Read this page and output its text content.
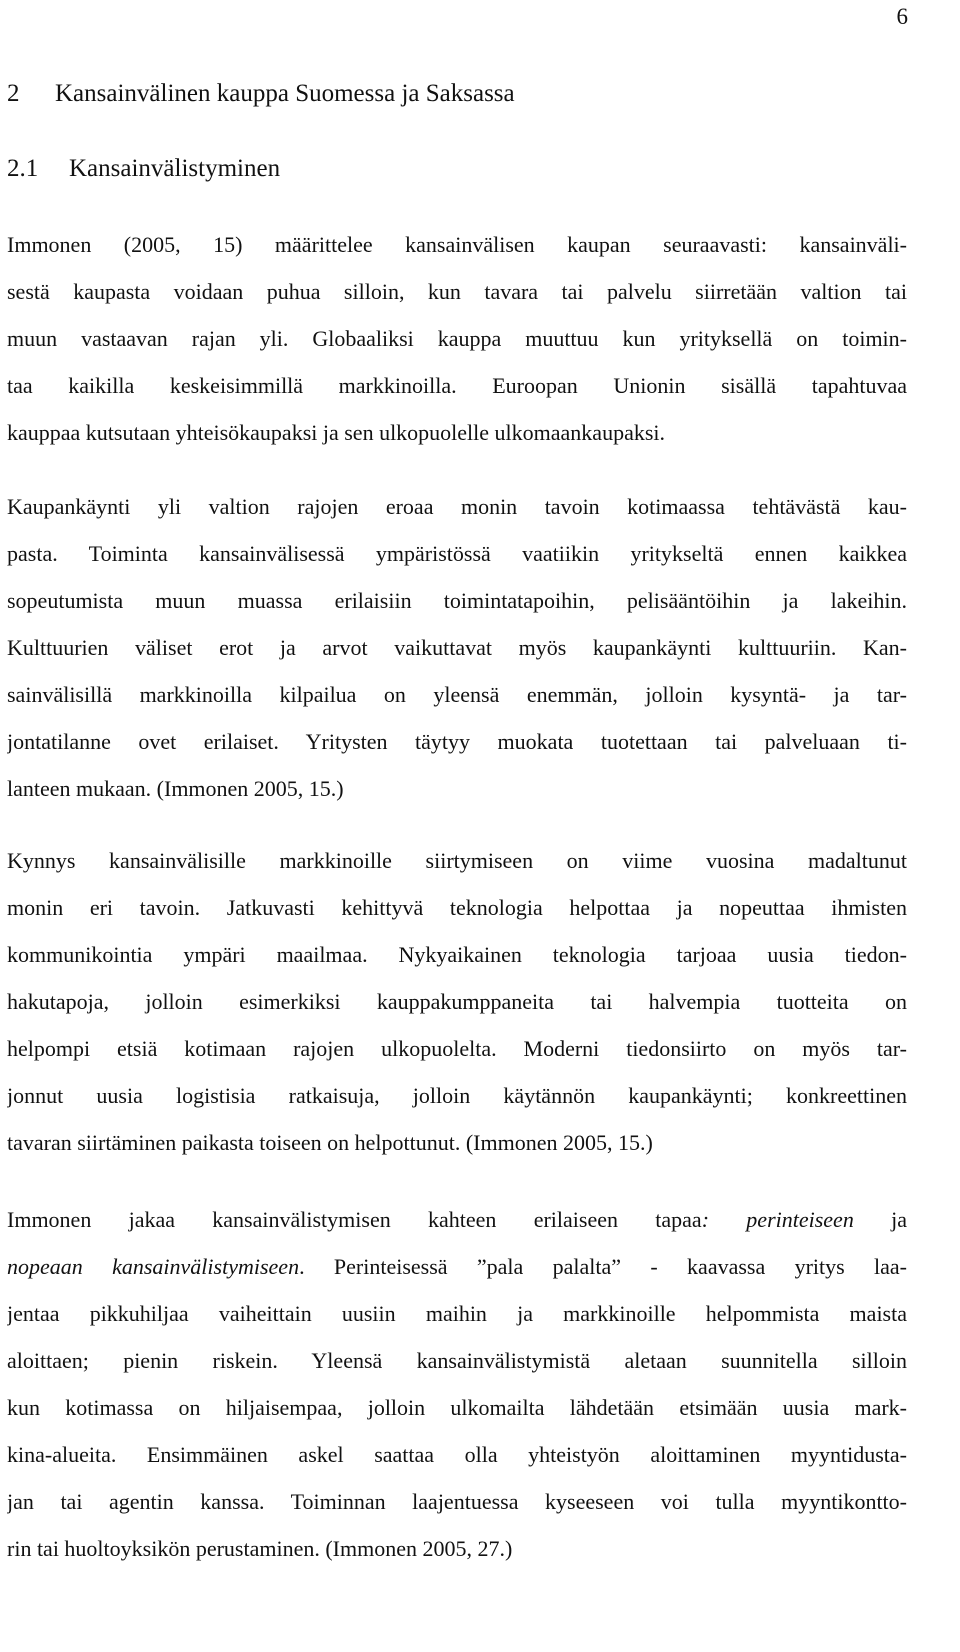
6
2 Kansainvälinen kauppa Suomessa ja Saksassa
2.1 Kansainvälistyminen
Immonen (2005, 15) määrittelee kansainvälisen kaupan seuraavasti: kansainväli-
sestä kaupasta voidaan puhua silloin, kun tavara tai palvelu siirretään valtion tai
muun vastaavan rajan yli. Globaaliksi kauppa muuttuu kun yrityksellä on toimin-
taa kaikilla keskeisimmillä markkinoilla. Euroopan Unionin sisällä tapahtuvaa
kauppaa kutsutaan yhteisökaupaksi ja sen ulkopuolelle ulkomaankaupaksi.
Kaupankäynti yli valtion rajojen eroaa monin tavoin kotimaassa tehtävästä kau-
pasta. Toiminta kansainvälisessä ympäristössä vaatiikin yritykseltä ennen kaikkea
sopeutumista muun muassa erilaisiin toimintatapoihin, pelisääntöihin ja lakeihin.
Kulttuurien väliset erot ja arvot vaikuttavat myös kaupankäynti kulttuuriin. Kan-
sainvälisillä markkinoilla kilpailua on yleensä enemmän, jolloin kysyntä- ja tar-
jontatilanne ovet erilaiset. Yritysten täytyy muokata tuotettaan tai palveluaan ti-
lanteen mukaan. (Immonen 2005, 15.)
Kynnys kansainvälisille markkinoille siirtymiseen on viime vuosina madaltunut
monin eri tavoin. Jatkuvasti kehittyvä teknologia helpottaa ja nopeuttaa ihmisten
kommunikointia ympäri maailmaa. Nykyaikainen teknologia tarjoaa uusia tiedon-
hakutapoja, jolloin esimerkiksi kauppakumppaneita tai halvempia tuotteita on
helpompi etsiä kotimaan rajojen ulkopuolelta. Moderni tiedonsiirto on myös tar-
jonnut uusia logistisia ratkaisuja, jolloin käytännön kaupankäynti; konkreettinen
tavaran siirtäminen paikasta toiseen on helpottunut. (Immonen 2005, 15.)
Immonen jakaa kansainvälistymisen kahteen erilaiseen tapaa: perinteiseen ja
nopeaan kansainvälistymiseen. Perinteisessä ”pala palalta” - kaavassa yritys laa-
jentaa pikkuhiljaa vaiheittain uusiin maihin ja markkinoille helpommista maista
aloittaen; pienin riskein. Yleensä kansainvälistymistä aletaan suunnitella silloin
kun kotimassa on hiljaisempaa, jolloin ulkomailta lähdetään etsimään uusia mark-
kina-alueita. Ensimmäinen askel saattaa olla yhteistyön aloittaminen myyntidusta-
jan tai agentin kanssa. Toiminnan laajentuessa kyseeseen voi tulla myyntikontto-
rin tai huoltoyksikön perustaminen. (Immonen 2005, 27.)
